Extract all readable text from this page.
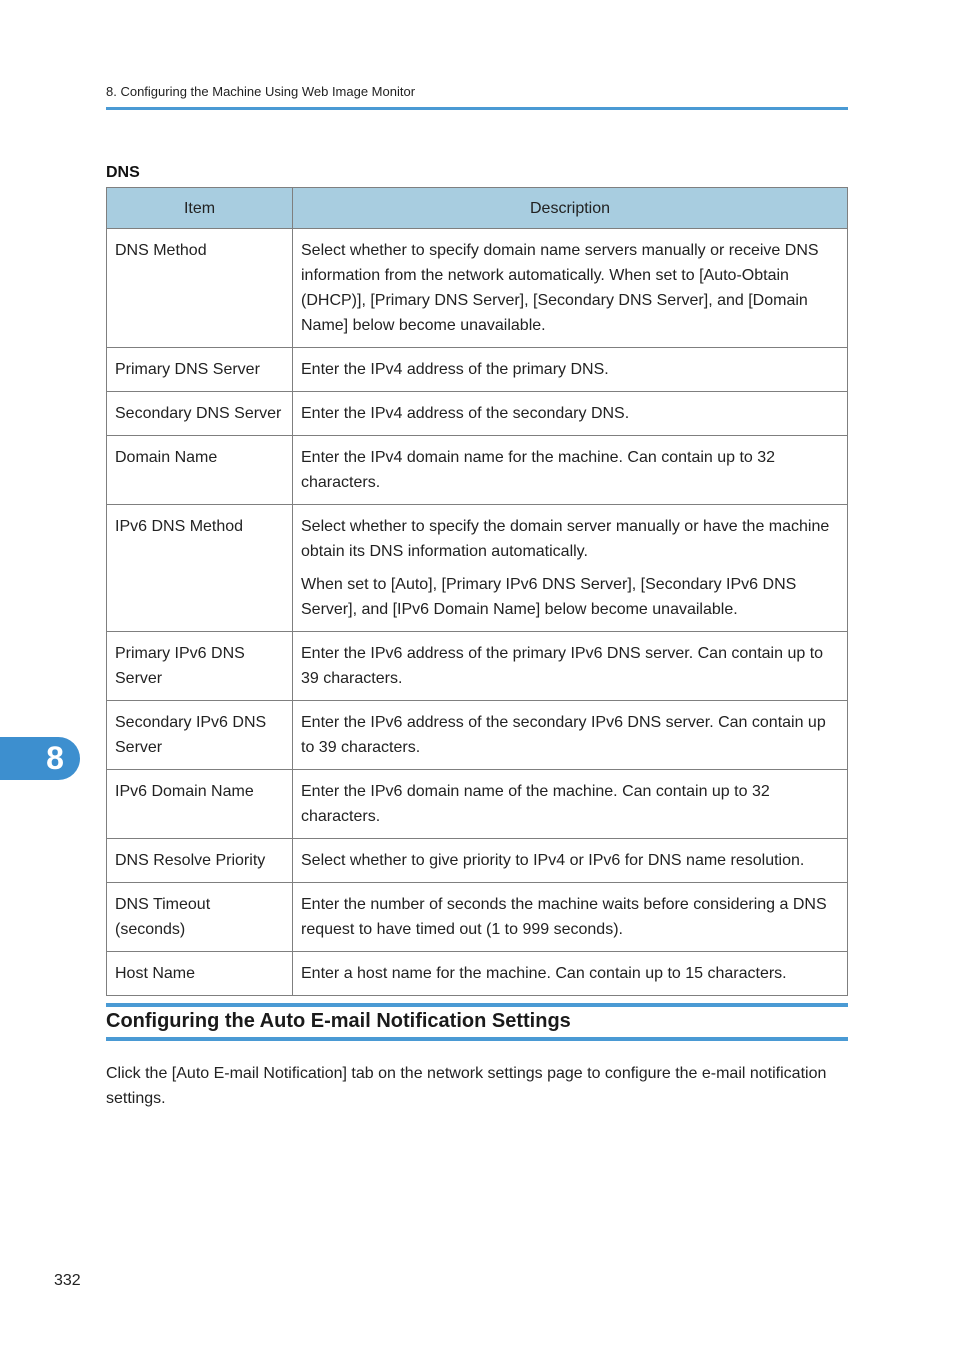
8. Configuring the Machine Using Web Image Monitor
DNS
Item	Description
DNS Method	Select whether to specify domain name servers manually or receive DNS information from the network automatically. When set to [Auto-Obtain (DHCP)], [Primary DNS Server], [Secondary DNS Server], and [Domain Name] below become unavailable.

Primary DNS Server	Enter the IPv4 address of the primary DNS.

Secondary DNS Server	Enter the IPv4 address of the secondary DNS.

Domain Name	Enter the IPv4 domain name for the machine. Can contain up to 32 characters.

IPv6 DNS Method	Select whether to specify the domain server manually or have the machine obtain its DNS information automatically.

When set to [Auto], [Primary IPv6 DNS Server], [Secondary IPv6 DNS Server], and [IPv6 Domain Name] below become unavailable.

Primary IPv6 DNS Server	Enter the IPv6 address of the primary IPv6 DNS server. Can contain up to 39 characters.

Secondary IPv6 DNS Server	Enter the IPv6 address of the secondary IPv6 DNS server. Can contain up to 39 characters.

IPv6 Domain Name	Enter the IPv6 domain name of the machine. Can contain up to 32 characters.

DNS Resolve Priority	Select whether to give priority to IPv4 or IPv6 for DNS name resolution.

DNS Timeout (seconds)	Enter the number of seconds the machine waits before considering a DNS request to have timed out (1 to 999 seconds).

Host Name	Enter a host name for the machine. Can contain up to 15 characters.

Configuring the Auto E-mail Notification Settings
Click the [Auto E-mail Notification] tab on the network settings page to configure the e-mail notification settings.
8
332
